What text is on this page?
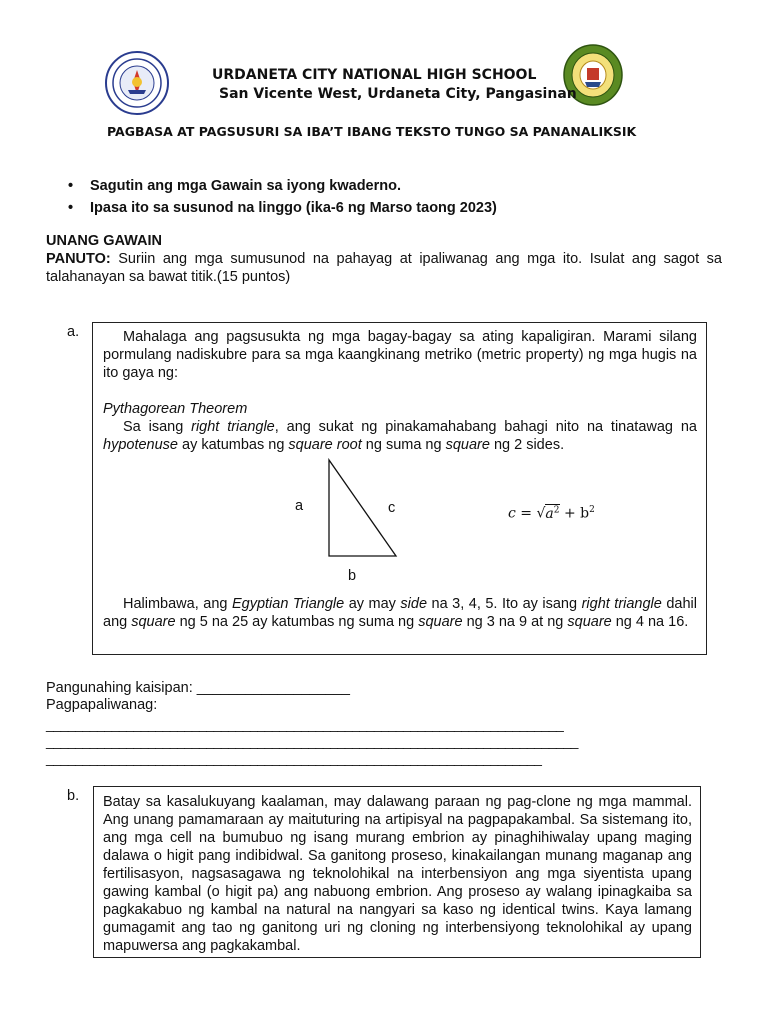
URDANETA CITY NATIONAL HIGH SCHOOL
San Vicente West, Urdaneta City, Pangasinan
PAGBASA AT PAGSUSURI SA IBA’T IBANG TEKSTO TUNGO SA PANANALIKSIK
• Sagutin ang mga Gawain sa iyong kwaderno.
• Ipasa ito sa susunod na linggo (ika-6 ng Marso taong 2023)
UNANG GAWAIN
PANUTO: Suriin ang mga sumusunod na pahayag at ipaliwanag ang mga ito. Isulat ang sagot sa talahanayan sa bawat titik.(15 puntos)
a.	Mahalaga ang pagsusukta ng mga bagay-bagay sa ating kapaligiran. Marami silang pormulang nadiskubre para sa mga kaangkinang metriko (metric property) ng mga hugis na ito gaya ng:
Pythagorean Theorem
Sa isang right triangle, ang sukat ng pinakamahabang bahagi nito na tinatawag na hypotenuse ay katumbas ng square root ng suma ng square ng 2 sides.
a	c
b
$c = √a^2 + b^2$
Halimbawa, ang Egyptian Triangle ay may side na 3, 4, 5. Ito ay isang right triangle dahil ang square ng 5 na 25 ay katumbas ng suma ng square ng 3 na 9 at ng square ng 4 na 16.
Pangunahing kaisipan: ___________________
Pagpapaliwanag:
_______________________________________________________________________
_________________________________________________________________________
____________________________________________________________________
b. Batay sa kasalukuyang kaalaman, may dalawang paraan ng pag-clone ng mga mammal. Ang unang pamamaraan ay maituturing na artipisyal na pagpapakambal. Sa sistemang ito, ang mga cell na bumubuo ng isang murang embrion ay pinaghihiwalay upang maging dalawa o higit pang indibidwal. Sa ganitong proseso, kinakailangan munang maganap ang fertilisasyon, nagsasagawa ng teknolohikal na interbensiyon ang mga siyentista upang gawing kambal (o higit pa) ang nabuong embrion. Ang proseso ay walang ipinagkaiba sa pagkakabuo ng kambal na natural na nangyari sa kaso ng identical twins. Kaya lamang gumagamit ang tao ng ganitong uri ng cloning ng interbensiyong teknolohikal ay upang mapuwersa ang pagkakambal.
